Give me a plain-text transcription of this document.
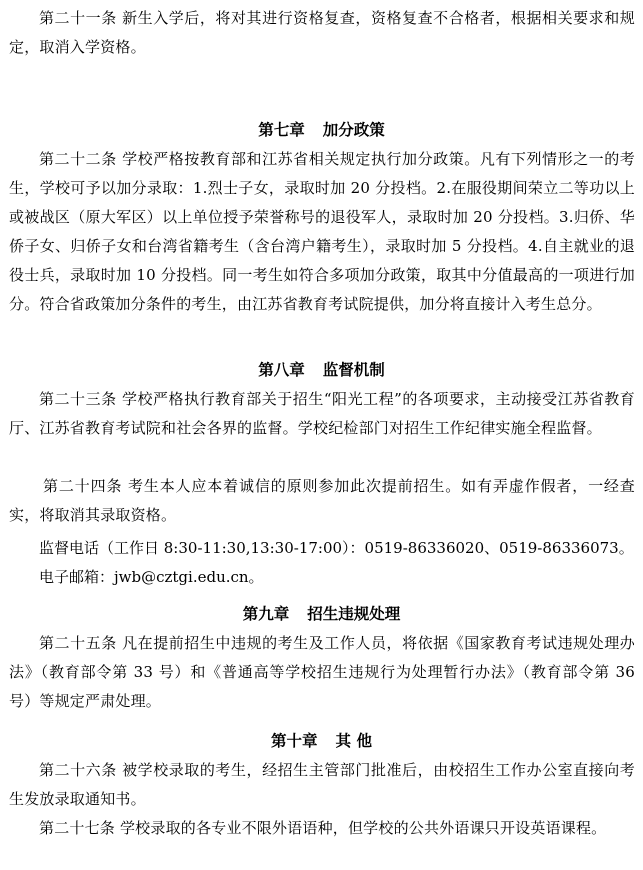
第二十一条 新生入学后，将对其进行资格复查，资格复查不合格者，根据相关要求和规定，取消入学资格。

第七章 加分政策

第二十二条 学校严格按教育部和江苏省相关规定执行加分政策。凡有下列情形之一的考生，学校可予以加分录取：1.烈士子女，录取时加 20 分投档。2.在服役期间荣立二等功以上或被战区（原大军区）以上单位授予荣誉称号的退役军人，录取时加 20 分投档。3.归侨、华侨子女、归侨子女和台湾省籍考生（含台湾户籍考生），录取时加 5 分投档。4.自主就业的退役士兵，录取时加 10 分投档。同一考生如符合多项加分政策，取其中分值最高的一项进行加分。符合省政策加分条件的考生，由江苏省教育考试院提供，加分将直接计入考生总分。

第八章 监督机制

第二十三条 学校严格执行教育部关于招生“阳光工程”的各项要求，主动接受江苏省教育厅、江苏省教育考试院和社会各界的监督。学校纪检部门对招生工作纪律实施全程监督。

第二十四条 考生本人应本着诚信的原则参加此次提前招生。如有弄虚作假者，一经查实，将取消其录取资格。

监督电话（工作日 8:30-11:30,13:30-17:00）：0519-86336020、0519-86336073。

电子邮箱：jwb@cztgi.edu.cn。

第九章 招生违规处理

第二十五条 凡在提前招生中违规的考生及工作人员，将依据《国家教育考试违规处理办法》（教育部令第 33 号）和《普通高等学校招生违规行为处理暂行办法》（教育部令第 36 号）等规定严肃处理。

第十章 其 他

第二十六条 被学校录取的考生，经招生主管部门批准后，由校招生工作办公室直接向考生发放录取通知书。

第二十七条 学校录取的各专业不限外语语种，但学校的公共外语课只开设英语课程。
